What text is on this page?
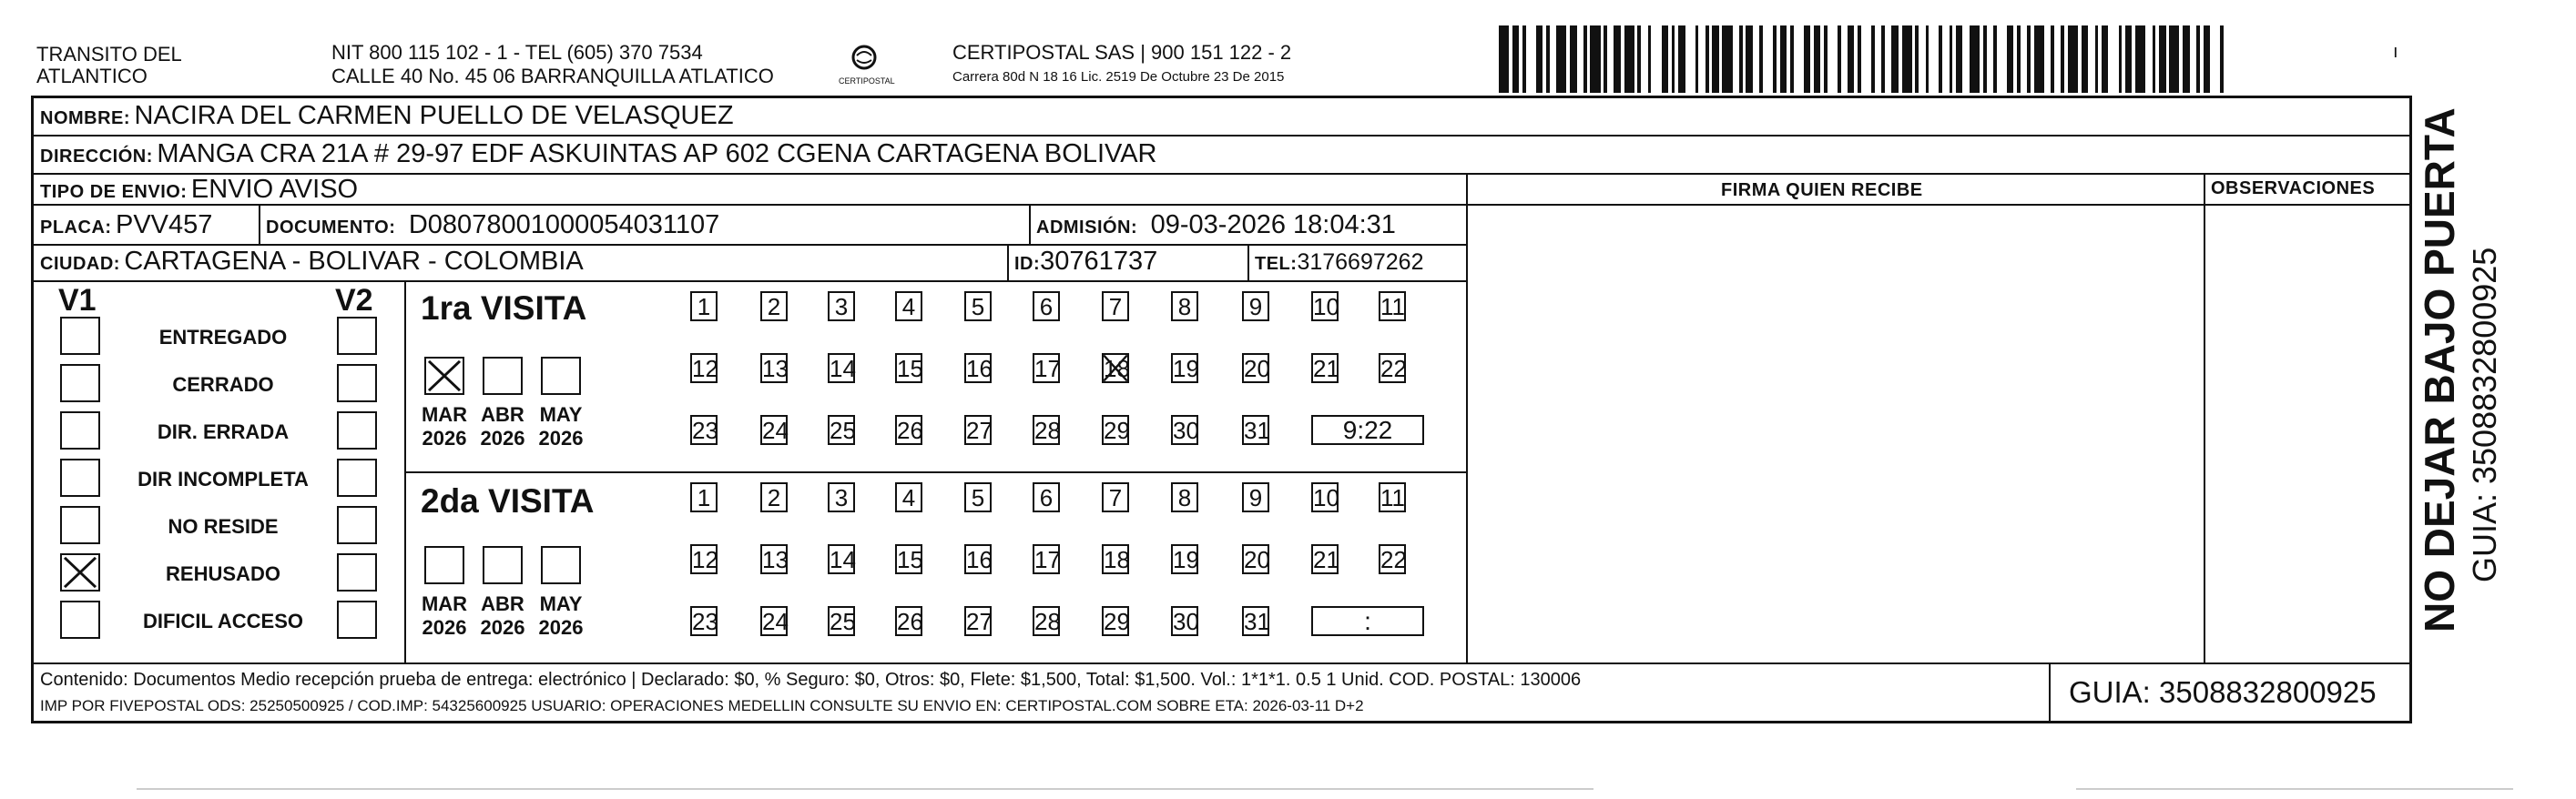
TRANSITO DEL
ATLANTICO
NIT 800 115 102 - 1 - TEL (605) 370 7534
CALLE 40 No. 45 06 BARRANQUILLA ATLATICO	CERTIPOSTAL
CERTIPOSTAL SAS | 900 151 122 - 2
Carrera 80d N 18 16 Lic. 2519 De Octubre 23 De 2015
ı
NOMBRE: NACIRA DEL CARMEN PUELLO DE VELASQUEZ
DIRECCIÓN: MANGA CRA 21A # 29-97 EDF ASKUINTAS AP 602 CGENA CARTAGENA BOLIVAR
TIPO DE ENVIO: ENVIO AVISO	FIRMA QUIEN RECIBE	OBSERVACIONES
PLACA: PVV457	DOCUMENTO: D08078001000054031107	ADMISIÓN: 09-03-2026 18:04:31
CIUDAD: CARTAGENA - BOLIVAR - COLOMBIA	ID:30761737	TEL:3176697262
V1	V2 1ra VISITA
2da VISITA
Contenido: Documentos Medio recepción prueba de entrega: electrónico | Declarado: $0, % Seguro: $0, Otros: $0, Flete: $1,500, Total: $1,500. Vol.: 1*1*1. 0.5 1 Unid. COD. POSTAL: 130006
IMP POR FIVEPOSTAL ODS: 25250500925 / COD.IMP: 54325600925 USUARIO: OPERACIONES MEDELLIN CONSULTE SU ENVIO EN: CERTIPOSTAL.COM SOBRE ETA: 2026-03-11 D+2	GUIA: 3508832800925
NO DEJAR BAJO PUERTA GUIA: 3508832800925
ENTREGADO
CERRADO
DIR. ERRADA
DIR INCOMPLETA
NO RESIDE
REHUSADO
DIFICIL ACCESO
MAR
2026
ABR
2026
MAY
2026
MAR
2026
ABR
2026
MAY
2026
1 2 3 4 5 6 7 8 9 10 11
12 13 14 15 16 17 18 19 20 21 22
23 24 25 26 27 28 29 30 31	9:22
1 2 3 4 5 6 7 8 9 10 11
12 13 14 15 16 17 18 19 20 21 22
23 24 25 26 27 28 29 30 31	:
